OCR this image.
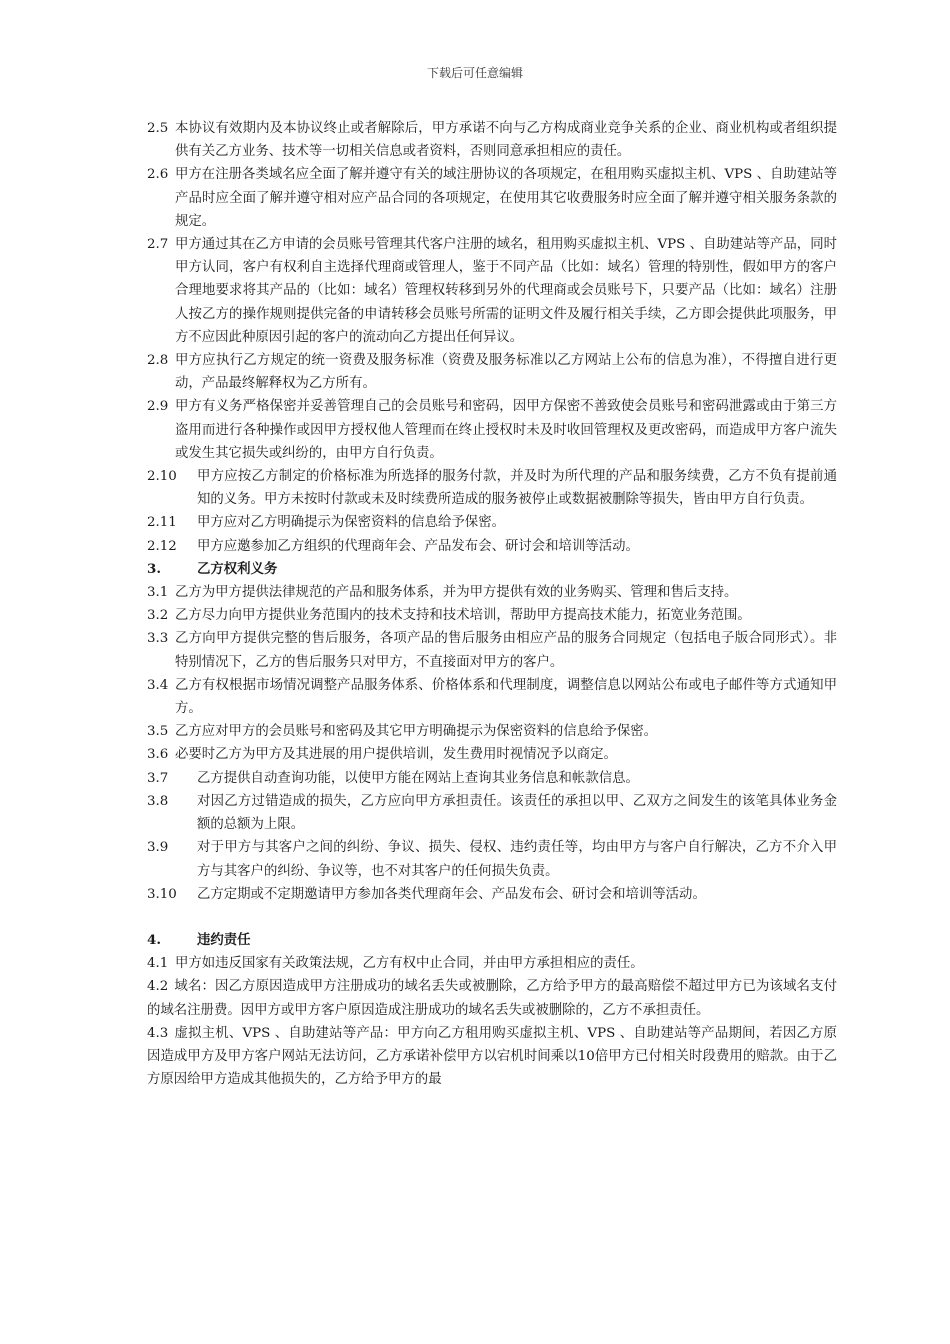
下载后可任意编辑
2.5 本协议有效期内及本协议终止或者解除后，甲方承诺不向与乙方构成商业竞争关系的企业、商业机构或者组织提供有关乙方业务、技术等一切相关信息或者资料，否则同意承担相应的责任。
2.6 甲方在注册各类域名应全面了解并遵守有关的域注册协议的各项规定，在租用购买虚拟主机、VPS 、自助建站等产品时应全面了解并遵守相对应产品合同的各项规定，在使用其它收费服务时应全面了解并遵守相关服务条款的规定。
2.7 甲方通过其在乙方申请的会员账号管理其代客户注册的域名，租用购买虚拟主机、VPS 、自助建站等产品，同时甲方认同，客户有权利自主选择代理商或管理人，鉴于不同产品（比如：域名）管理的特别性，假如甲方的客户合理地要求将其产品的（比如：域名）管理权转移到另外的代理商或会员账号下，只要产品（比如：域名）注册人按乙方的操作规则提供完备的申请转移会员账号所需的证明文件及履行相关手续，乙方即会提供此项服务，甲方不应因此种原因引起的客户的流动向乙方提出任何异议。
2.8 甲方应执行乙方规定的统一资费及服务标准（资费及服务标准以乙方网站上公布的信息为准），不得擅自进行更动，产品最终解释权为乙方所有。
2.9 甲方有义务严格保密并妥善管理自己的会员账号和密码，因甲方保密不善致使会员账号和密码泄露或由于第三方盗用而进行各种操作或因甲方授权他人管理而在终止授权时未及时收回管理权及更改密码，而造成甲方客户流失或发生其它损失或纠纷的，由甲方自行负责。
2.10 甲方应按乙方制定的价格标准为所选择的服务付款，并及时为所代理的产品和服务续费，乙方不负有提前通知的义务。甲方未按时付款或未及时续费所造成的服务被停止或数据被删除等损失，皆由甲方自行负责。
2.11 甲方应对乙方明确提示为保密资料的信息给予保密。
2.12 甲方应邀参加乙方组织的代理商年会、产品发布会、研讨会和培训等活动。
3.	乙方权利义务
3.1 乙方为甲方提供法律规范的产品和服务体系，并为甲方提供有效的业务购买、管理和售后支持。
3.2 乙方尽力向甲方提供业务范围内的技术支持和技术培训，帮助甲方提高技术能力，拓宽业务范围。
3.3 乙方向甲方提供完整的售后服务，各项产品的售后服务由相应产品的服务合同规定（包括电子版合同形式）。非特别情况下，乙方的售后服务只对甲方，不直接面对甲方的客户。
3.4 乙方有权根据市场情况调整产品服务体系、价格体系和代理制度，调整信息以网站公布或电子邮件等方式通知甲方。
3.5 乙方应对甲方的会员账号和密码及其它甲方明确提示为保密资料的信息给予保密。
3.6 必要时乙方为甲方及其进展的用户提供培训，发生费用时视情况予以商定。
3.7 乙方提供自动查询功能，以使甲方能在网站上查询其业务信息和帐款信息。
3.8 对因乙方过错造成的损失，乙方应向甲方承担责任。该责任的承担以甲、乙双方之间发生的该笔具体业务金额的总额为上限。
3.9 对于甲方与其客户之间的纠纷、争议、损失、侵权、违约责任等，均由甲方与客户自行解决，乙方不介入甲方与其客户的纠纷、争议等，也不对其客户的任何损失负责。
3.10 乙方定期或不定期邀请甲方参加各类代理商年会、产品发布会、研讨会和培训等活动。
4.	违约责任
4.1 甲方如违反国家有关政策法规，乙方有权中止合同，并由甲方承担相应的责任。
4.2 域名：因乙方原因造成甲方注册成功的域名丢失或被删除，乙方给予甲方的最高赔偿不超过甲方已为该域名支付的域名注册费。因甲方或甲方客户原因造成注册成功的域名丢失或被删除的，乙方不承担责任。
4.3 虚拟主机、VPS 、自助建站等产品：甲方向乙方租用购买虚拟主机、VPS 、自助建站等产品期间，若因乙方原因造成甲方及甲方客户网站无法访问，乙方承诺补偿甲方以宕机时间乘以10倍甲方已付相关时段费用的赔款。由于乙方原因给甲方造成其他损失的，乙方给予甲方的最
